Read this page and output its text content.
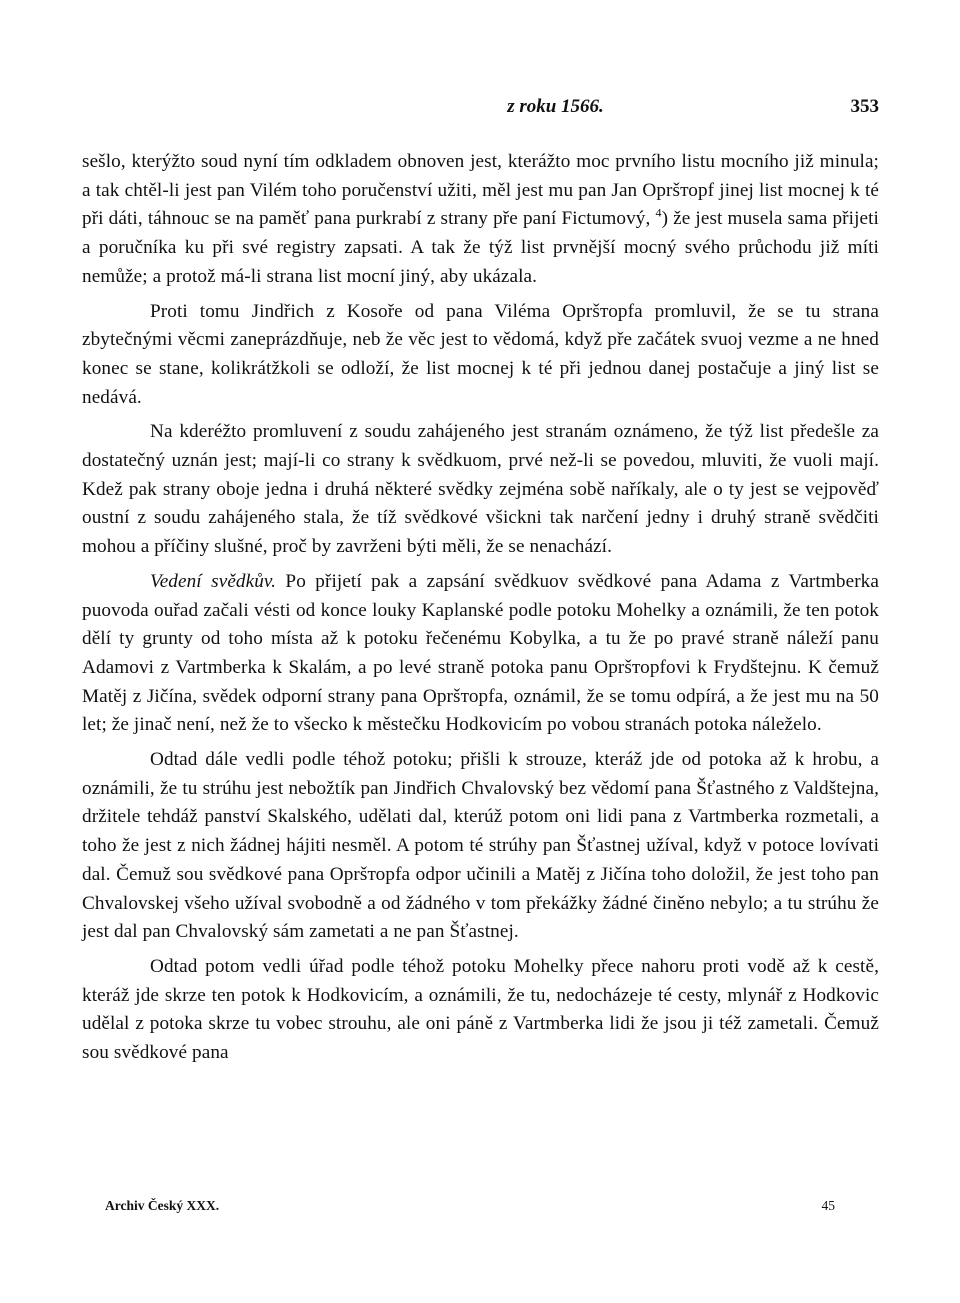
z roku 1566.	353

sešlo, kterýžto soud nyní tím odkladem obnoven jest, kterážto moc prvního listu mocního již minula; a tak chtěl-li jest pan Vilém toho poručenství užiti, měl jest mu pan Jan Opršторf jinej list mocnej k té při dáti, táhnouc se na paměť pana purkrabí z strany pře paní Fictumový, $^4$) že jest musela sama přijeti a poručníka ku při své registry zapsati. A tak že týž list prvnější mocný svého průchodu již míti nemůže; a protož má-li strana list mocní jiný, aby ukázala.

Proti tomu Jindřich z Kosoře od pana Viléma Opršторfa promluvil, že se tu strana zbytečnými věcmi zaneprázdňuje, neb že věc jest to vědomá, když pře začátek svuoj vezme a ne hned konec se stane, kolikrátžkoli se odloží, že list mocnej k té při jednou danej postačuje a jiný list se nedává.

Na kderéžto promluvení z soudu zahájeného jest stranám oznámeno, že týž list předešle za dostatečný uznán jest; mají-li co strany k svědkuom, prvé než-li se povedou, mluviti, že vuoli mají. Kdež pak strany oboje jedna i druhá některé svědky zejména sobě naříkaly, ale o ty jest se vejpověď oustní z soudu zahájeného stala, že tíž svědkové všickni tak narčení jedny i druhý straně svědčiti mohou a příčiny slušné, proč by zavrženi býti měli, že se nenachází.

Vedení svědkův. Po přijetí pak a zapsání svědkuov svědkové pana Adama z Vartmberka puovoda ouřad začali vésti od konce louky Kaplanské podle potoku Mohelky a oznámili, že ten potok dělí ty grunty od toho místa až k potoku řečenému Kobylka, a tu že po pravé straně náleží panu Adamovi z Vartmberka k Skalám, a po levé straně potoka panu Opršторfovi k Frydštejnu. K čemuž Matěj z Jičína, svědek odporní strany pana Opršторfa, oznámil, že se tomu odpírá, a že jest mu na 50 let; že jinač není, než že to všecko k městečku Hodkovicím po vobou stranách potoka náleželo.

Odtad dále vedli podle téhož potoku; přišli k strouze, kteráž jde od potoka až k hrobu, a oznámili, že tu strúhu jest nebožtík pan Jindřich Chvalovský bez vědomí pana Šťastného z Valdštejna, držitele tehdáž panství Skalského, udělati dal, kterúž potom oni lidi pana z Vartmberka rozmetali, a toho že jest z nich žádnej hájiti nesměl. A potom té strúhy pan Šťastnej užíval, když v potoce lovívati dal. Čemuž sou svědkové pana Opršторfa odpor učinili a Matěj z Jičína toho doložil, že jest toho pan Chvalovskej všeho užíval svobodně a od žádného v tom překážky žádné činěno nebylo; a tu strúhu že jest dal pan Chvalovský sám zametati a ne pan Šťastnej.

Odtad potom vedli úřad podle téhož potoku Mohelky přece nahoru proti vodě až k cestě, kteráž jde skrze ten potok k Hodkovicím, a oznámili, že tu, nedocházeje té cesty, mlynář z Hodkovic udělal z potoka skrze tu vobec strouhu, ale oni páně z Vartmberka lidi že jsou ji též zametali. Čemuž sou svědkové pana

Archiv Český XXX.	45
